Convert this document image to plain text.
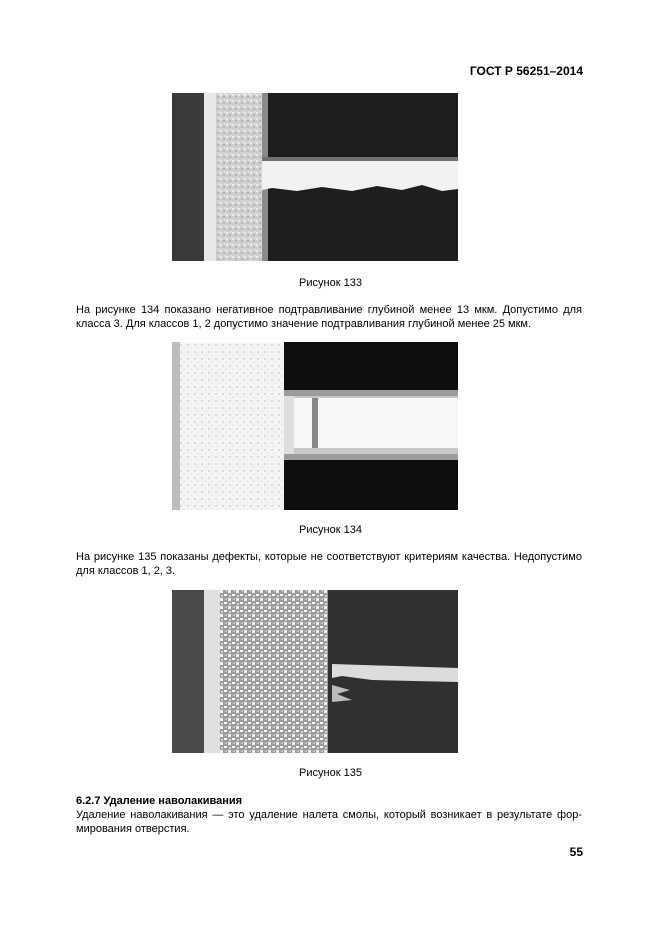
ГОСТ Р 56251–2014
Рисунок 133
На рисунке 134 показано негативное подтравливание глубиной менее 13 мкм. Допустимо для
класса 3. Для классов 1, 2 допустимо значение подтравливания глубиной менее 25 мкм.
Рисунок 134
На рисунке 135 показаны дефекты, которые не соответствуют критериям качества. Недопустимо
для классов 1, 2, 3.
Рисунок 135
6.2.7 Удаление наволакивания
Удаление наволакивания — это удаление налета смолы, который возникает в результате фор-
мирования отверстия.
55
